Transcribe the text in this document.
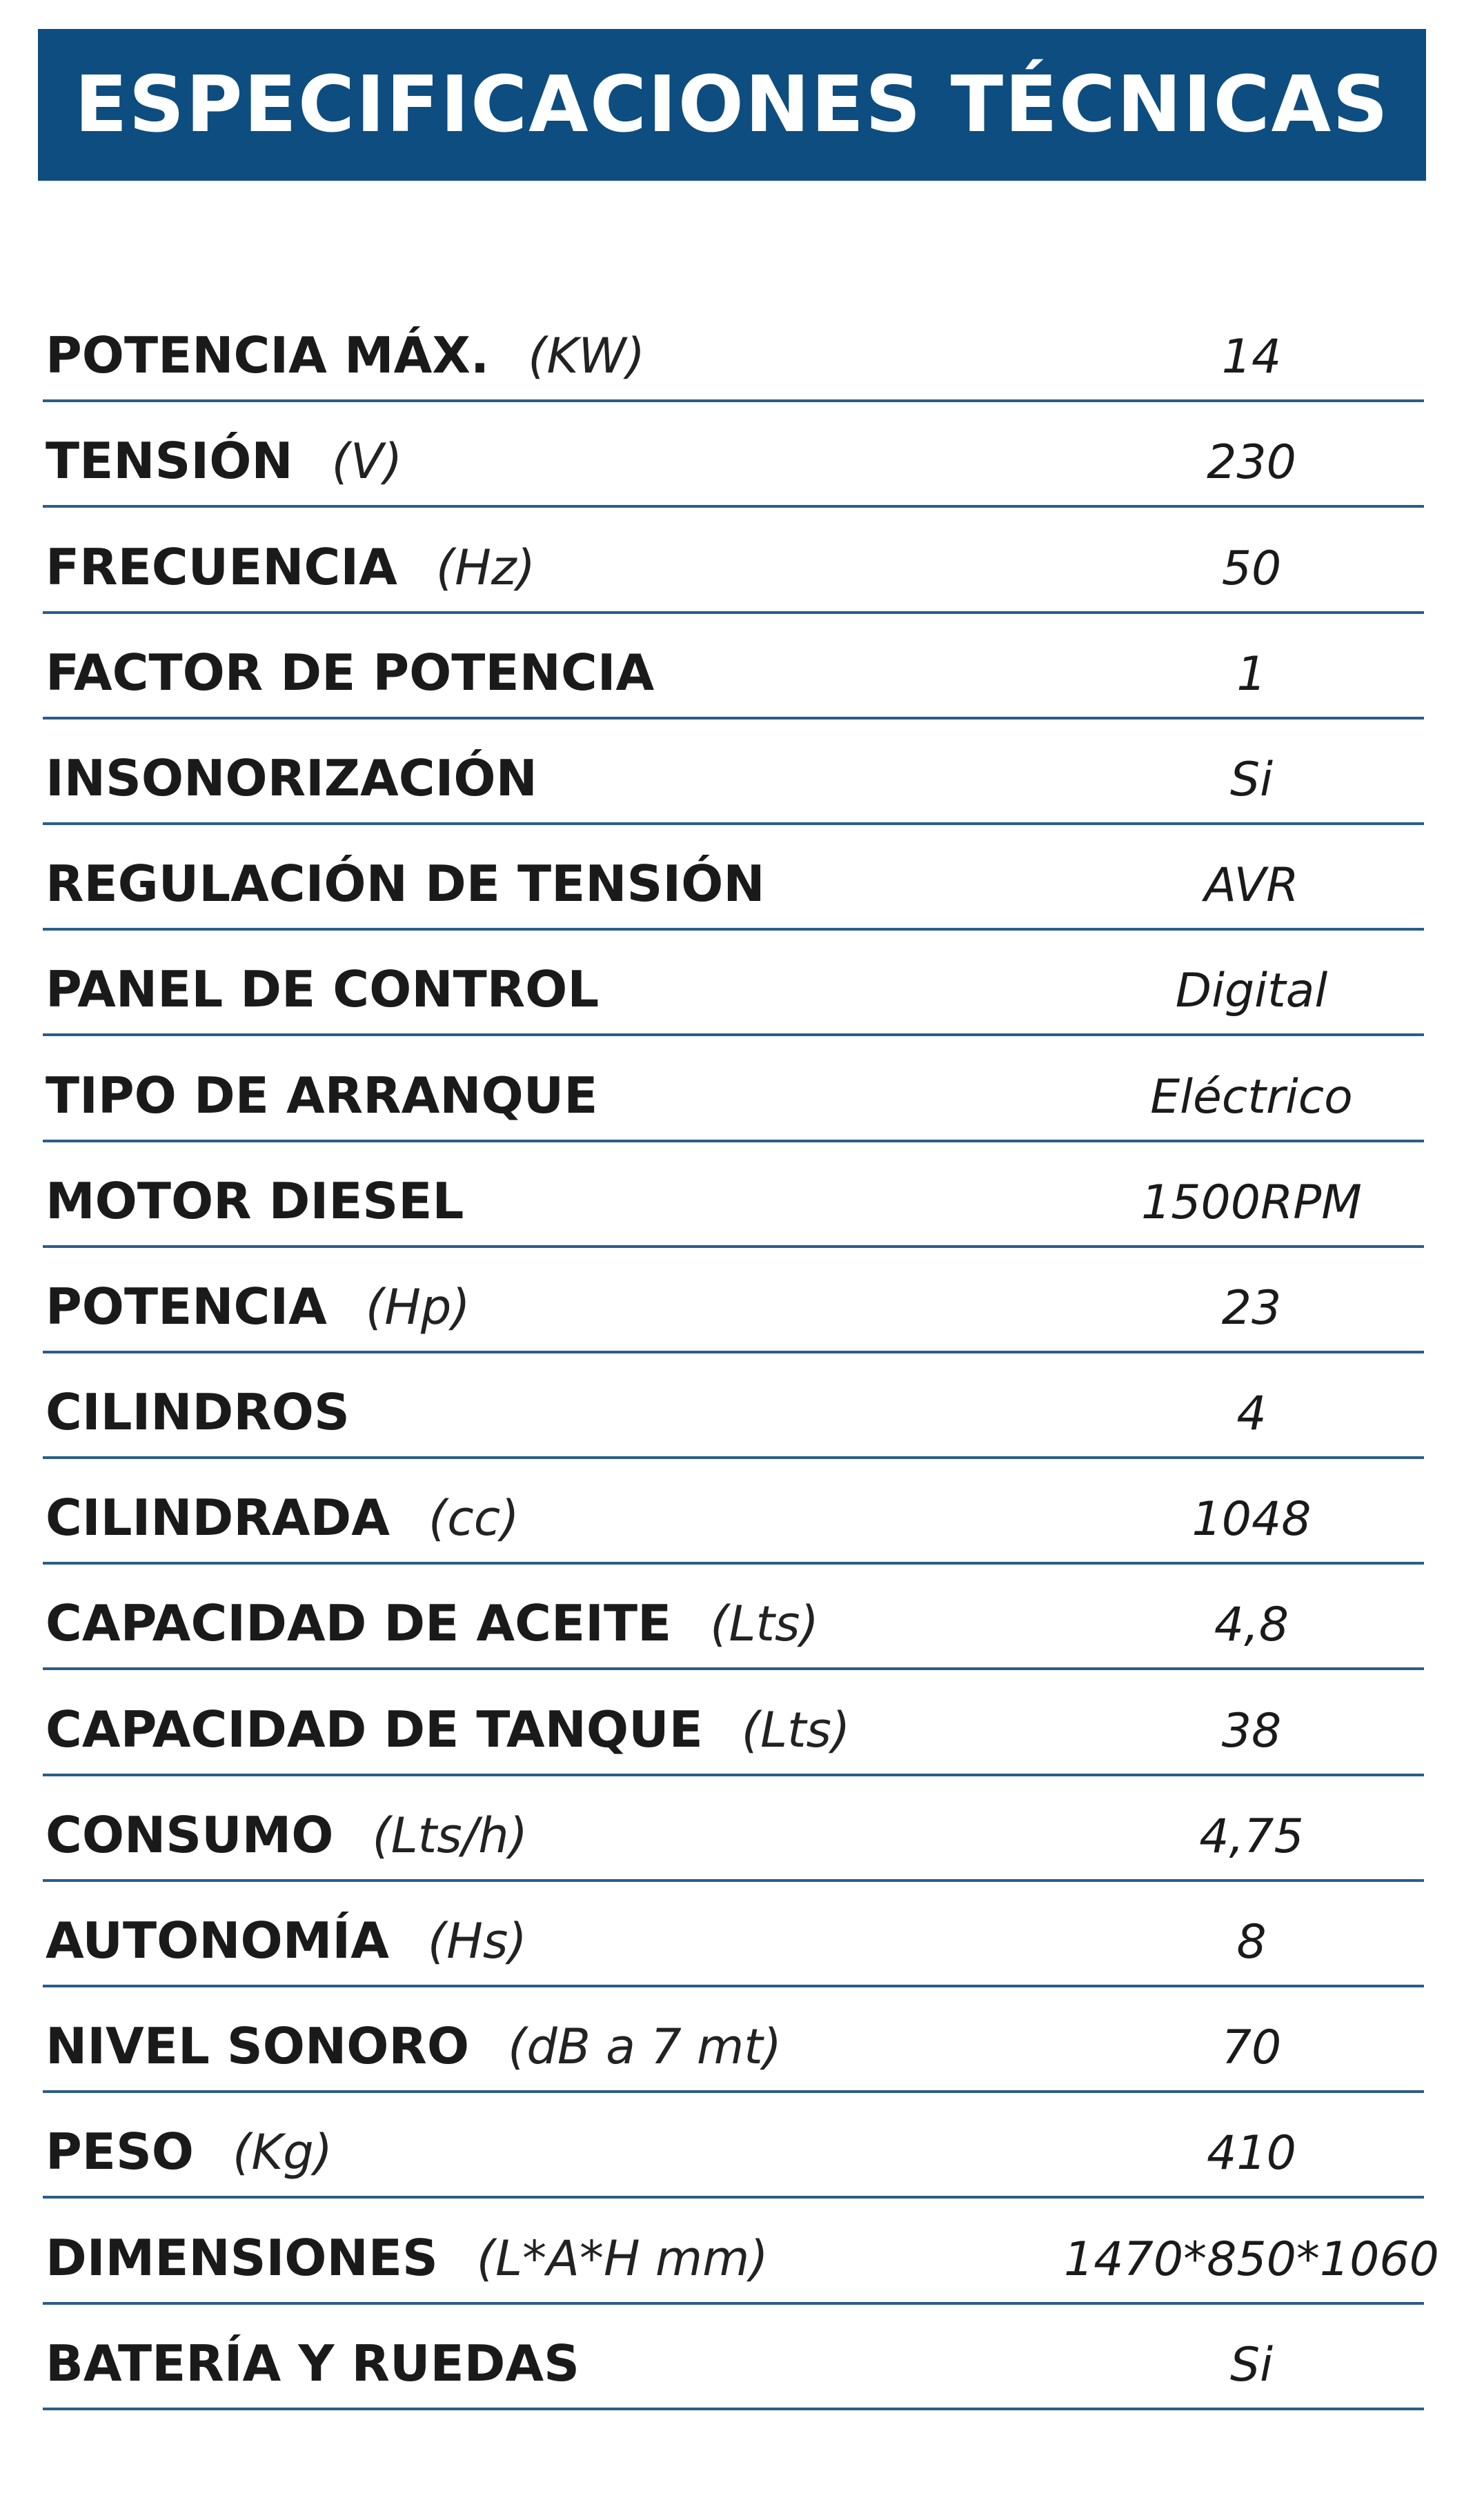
ESPECIFICACIONES TÉCNICAS
POTENCIA MÁX. (KW)	14
TENSIÓN (V)	230
FRECUENCIA (Hz)	50
FACTOR DE POTENCIA	1
INSONORIZACIÓN	Si
REGULACIÓN DE TENSIÓN	AVR
PANEL DE CONTROL	Digital
TIPO DE ARRANQUE	Eléctrico
MOTOR DIESEL	1500RPM
POTENCIA (Hp)	23
CILINDROS	4
CILINDRADA (cc)	1048
CAPACIDAD DE ACEITE (Lts)	4,8
CAPACIDAD DE TANQUE (Lts)	38
CONSUMO (Lts/h)	4,75
AUTONOMÍA (Hs)	8
NIVEL SONORO (dB a 7 mt)	70
PESO (Kg)	410
DIMENSIONES (L*A*H mm)	1470*850*1060
BATERÍA Y RUEDAS	Si
